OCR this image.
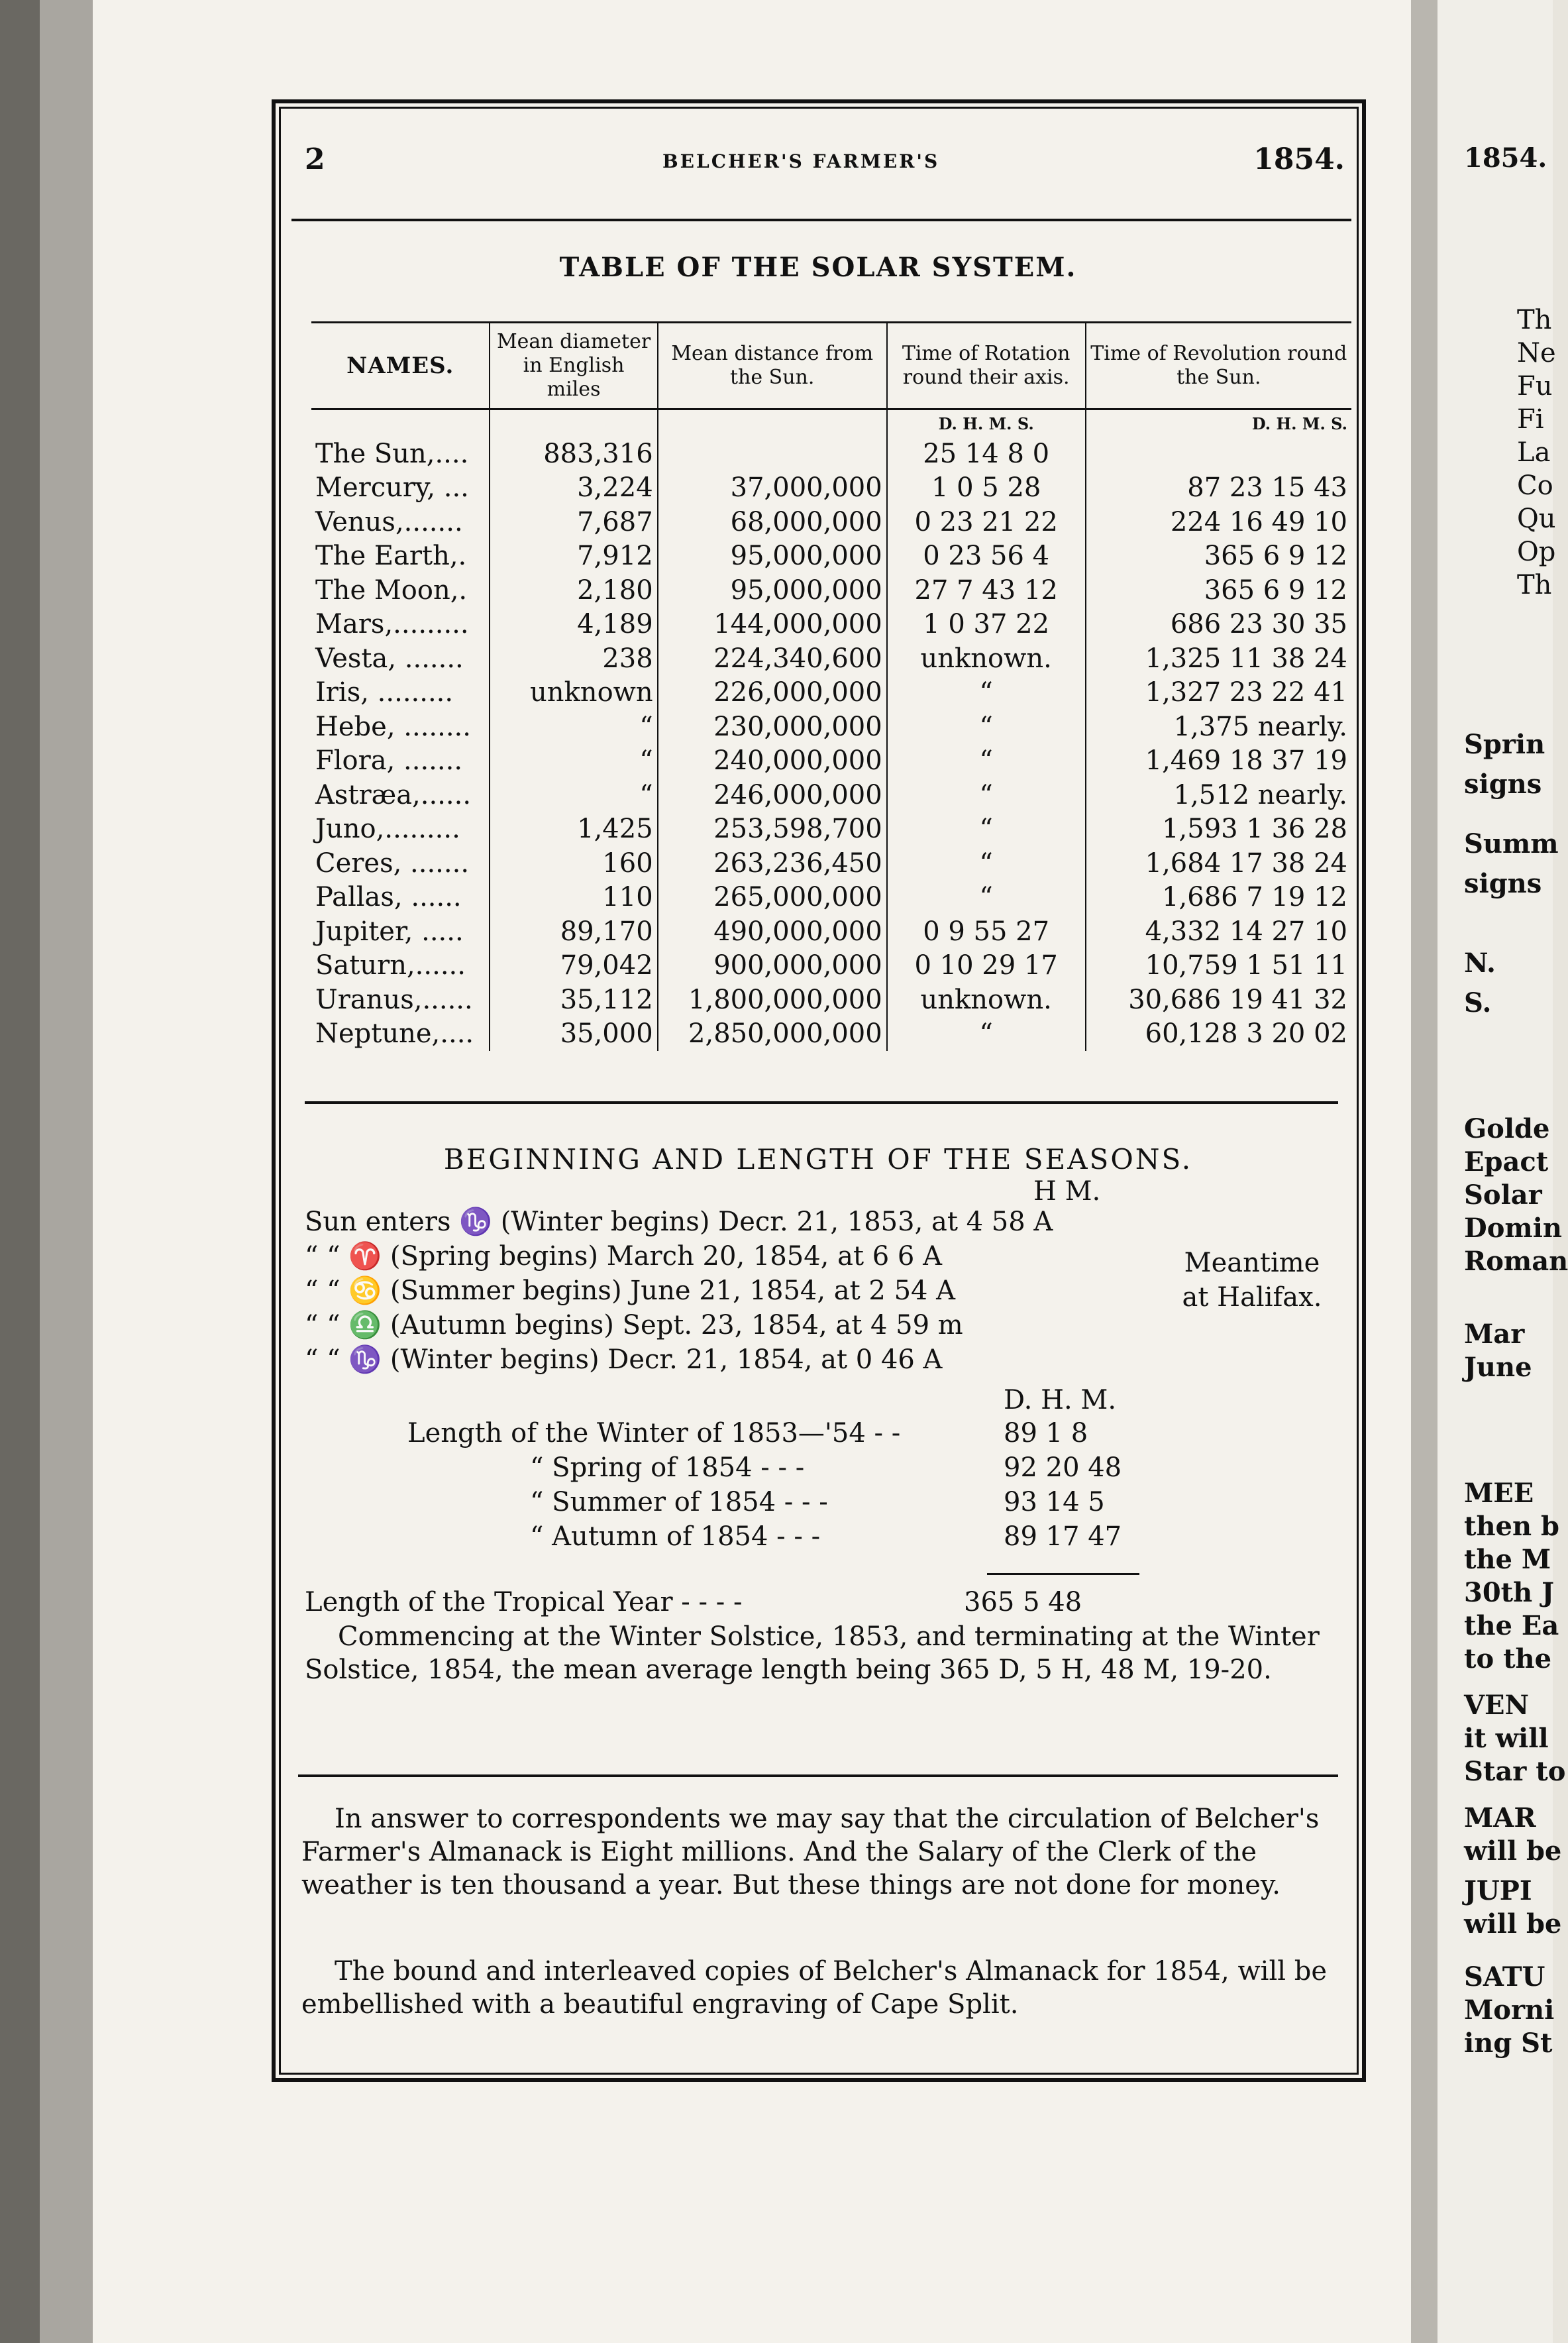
1854.
Th
Ne
Fu
Fi
La
Co
Qu
Op
Th
Sprin
signs
Summ
signs
N.
S.
Golde
Epact
Solar
Domin
Roman
Mar
June
MEE
then b
the M
30th J
the Ea
to the
VEN
it will
Star to
MAR
will be
JUPI
will be
SATU
Morni
ing St
2	BELCHER'S FARMER'S	1854.
TABLE OF THE SOLAR SYSTEM.
NAMES.	Mean diameter in English miles	Mean distance from the Sun.	Time of Rotation round their axis.	Time of Revolution round the Sun.
			D. H. M. S.	D. H. M. S.
The Sun,....	883,316		25 14 8 0	
Mercury, ...	3,224	37,000,000	1 0 5 28	87 23 15 43
Venus,.......	7,687	68,000,000	0 23 21 22	224 16 49 10
The Earth,.	7,912	95,000,000	0 23 56 4	365 6 9 12
The Moon,.	2,180	95,000,000	27 7 43 12	365 6 9 12
Mars,.........	4,189	144,000,000	1 0 37 22	686 23 30 35
Vesta, .......	238	224,340,600	unknown.	1,325 11 38 24
Iris, .........	unknown	226,000,000	“	1,327 23 22 41
Hebe, ........	“	230,000,000	“	1,375 nearly.
Flora, .......	“	240,000,000	“	1,469 18 37 19
Astræa,......	“	246,000,000	“	1,512 nearly.
Juno,.........	1,425	253,598,700	“	1,593 1 36 28
Ceres, .......	160	263,236,450	“	1,684 17 38 24
Pallas, ......	110	265,000,000	“	1,686 7 19 12
Jupiter, .....	89,170	490,000,000	0 9 55 27	4,332 14 27 10
Saturn,......	79,042	900,000,000	0 10 29 17	10,759 1 51 11
Uranus,......	35,112	1,800,000,000	unknown.	30,686 19 41 32
Neptune,....	35,000	2,850,000,000	“	60,128 3 20 02
BEGINNING AND LENGTH OF THE SEASONS.
H M.
Sun enters ♑ (Winter begins) Decr. 21, 1853, at 4 58 A
“ “ ♈ (Spring begins) March 20, 1854, at 6 6 A
“ “ ♋ (Summer begins) June 21, 1854, at 2 54 A
“ “ ♎ (Autumn begins) Sept. 23, 1854, at 4 59 m
“ “ ♑ (Winter begins) Decr. 21, 1854, at 0 46 A
Meantime at Halifax.
D. H. M.
Length of the Winter of 1853—'54 - -	89 1 8
“ Spring of 1854 - - -	92 20 48
“ Summer of 1854 - - -	93 14 5
“ Autumn of 1854 - - -	89 17 47
Length of the Tropical Year - - - -	365 5 48
Commencing at the Winter Solstice, 1853, and terminating at the Winter Solstice, 1854, the mean average length being 365 D, 5 H, 48 M, 19-20.
In answer to correspondents we may say that the circulation of Belcher's Farmer's Almanack is Eight millions. And the Salary of the Clerk of the weather is ten thousand a year. But these things are not done for money.
The bound and interleaved copies of Belcher's Almanack for 1854, will be embellished with a beautiful engraving of Cape Split.
